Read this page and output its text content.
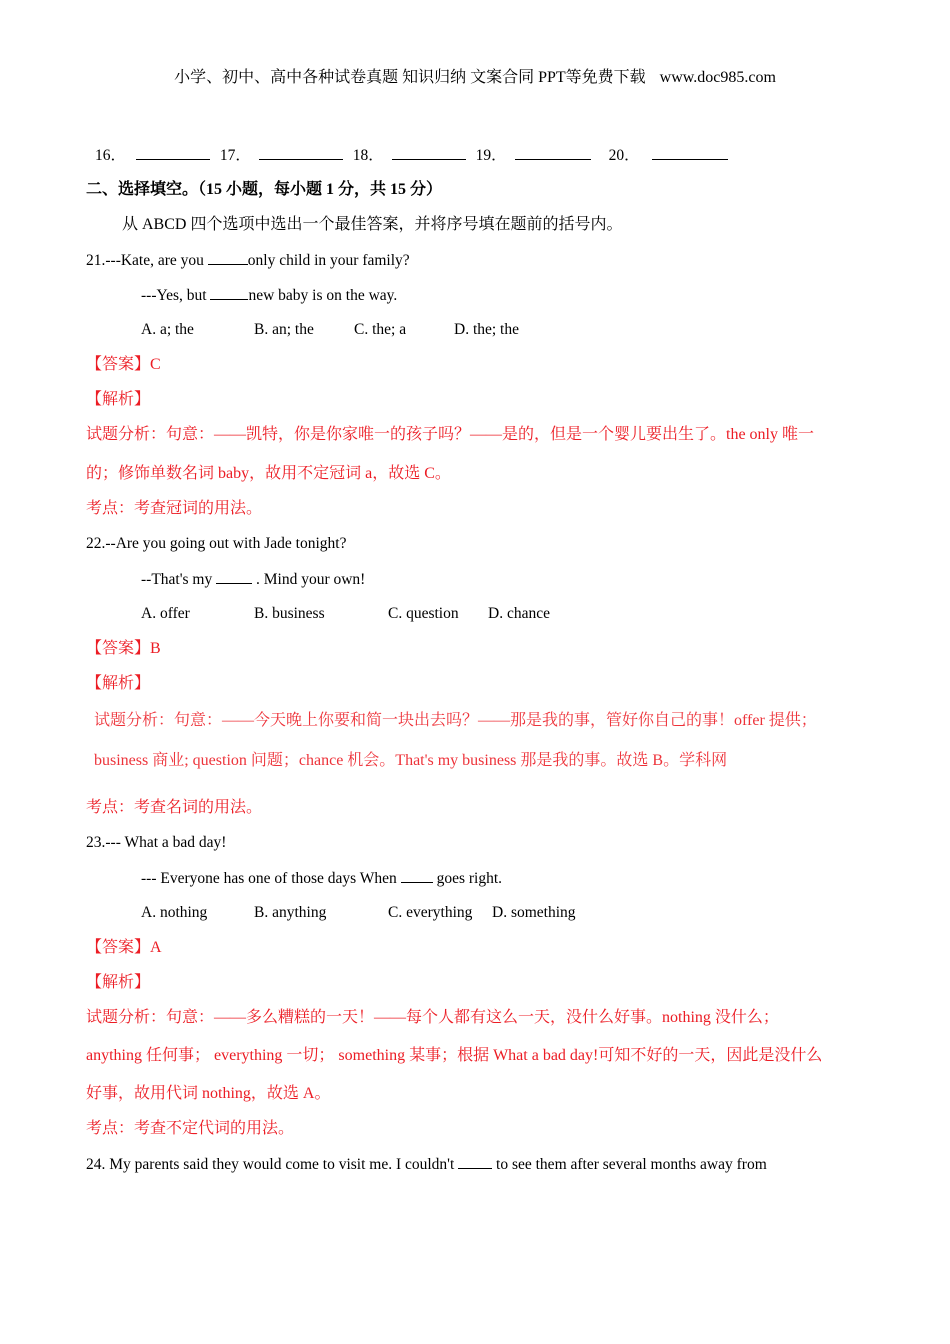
小学、初中、高中各种试卷真题 知识归纳 文案合同 PPT等免费下载 www.doc985.com
16．	17．	18．	19．	20．
二、选择填空。（15 小题，每小题 1 分，共 15 分）
从 ABCD 四个选项中选出一个最佳答案，并将序号填在题前的括号内。
21.---Kate, are you	only child in your family?
---Yes, but new baby is on the way.
A. a; the	B. an; the	C. the; a	D. the; the
【答案】C
【解析】
试题分析：句意：——凯特，你是你家唯一的孩子吗？——是的，但是一个婴儿要出生了。the only 唯一
的；修饰单数名词 baby，故用不定冠词 a，故选 C。
考点：考查冠词的用法。
22.--Are you going out with Jade tonight?
--That's my  . Mind your own!
A. offer	B. business	C. question D. chance
【答案】B
【解析】
试题分析：句意：——今天晚上你要和简一块出去吗？——那是我的事，管好你自己的事！offer 提供；
business 商业; question 问题；chance 机会。That's my business 那是我的事。故选 B。学科网
考点：考查名词的用法。
23.--- What a bad day!
--- Everyone has one of those days When  goes right.
A. nothing	B. anything	C. everything D. something
【答案】A
【解析】
试题分析：句意：——多么糟糕的一天！——每个人都有这么一天，没什么好事。nothing 没什么；
anything 任何事； everything 一切； something 某事；根据 What a bad day!可知不好的一天，因此是没什么
好事，故用代词 nothing，故选 A。
考点：考查不定代词的用法。
24. My parents said they would come to visit me. I couldn't  to see them after several months away from
